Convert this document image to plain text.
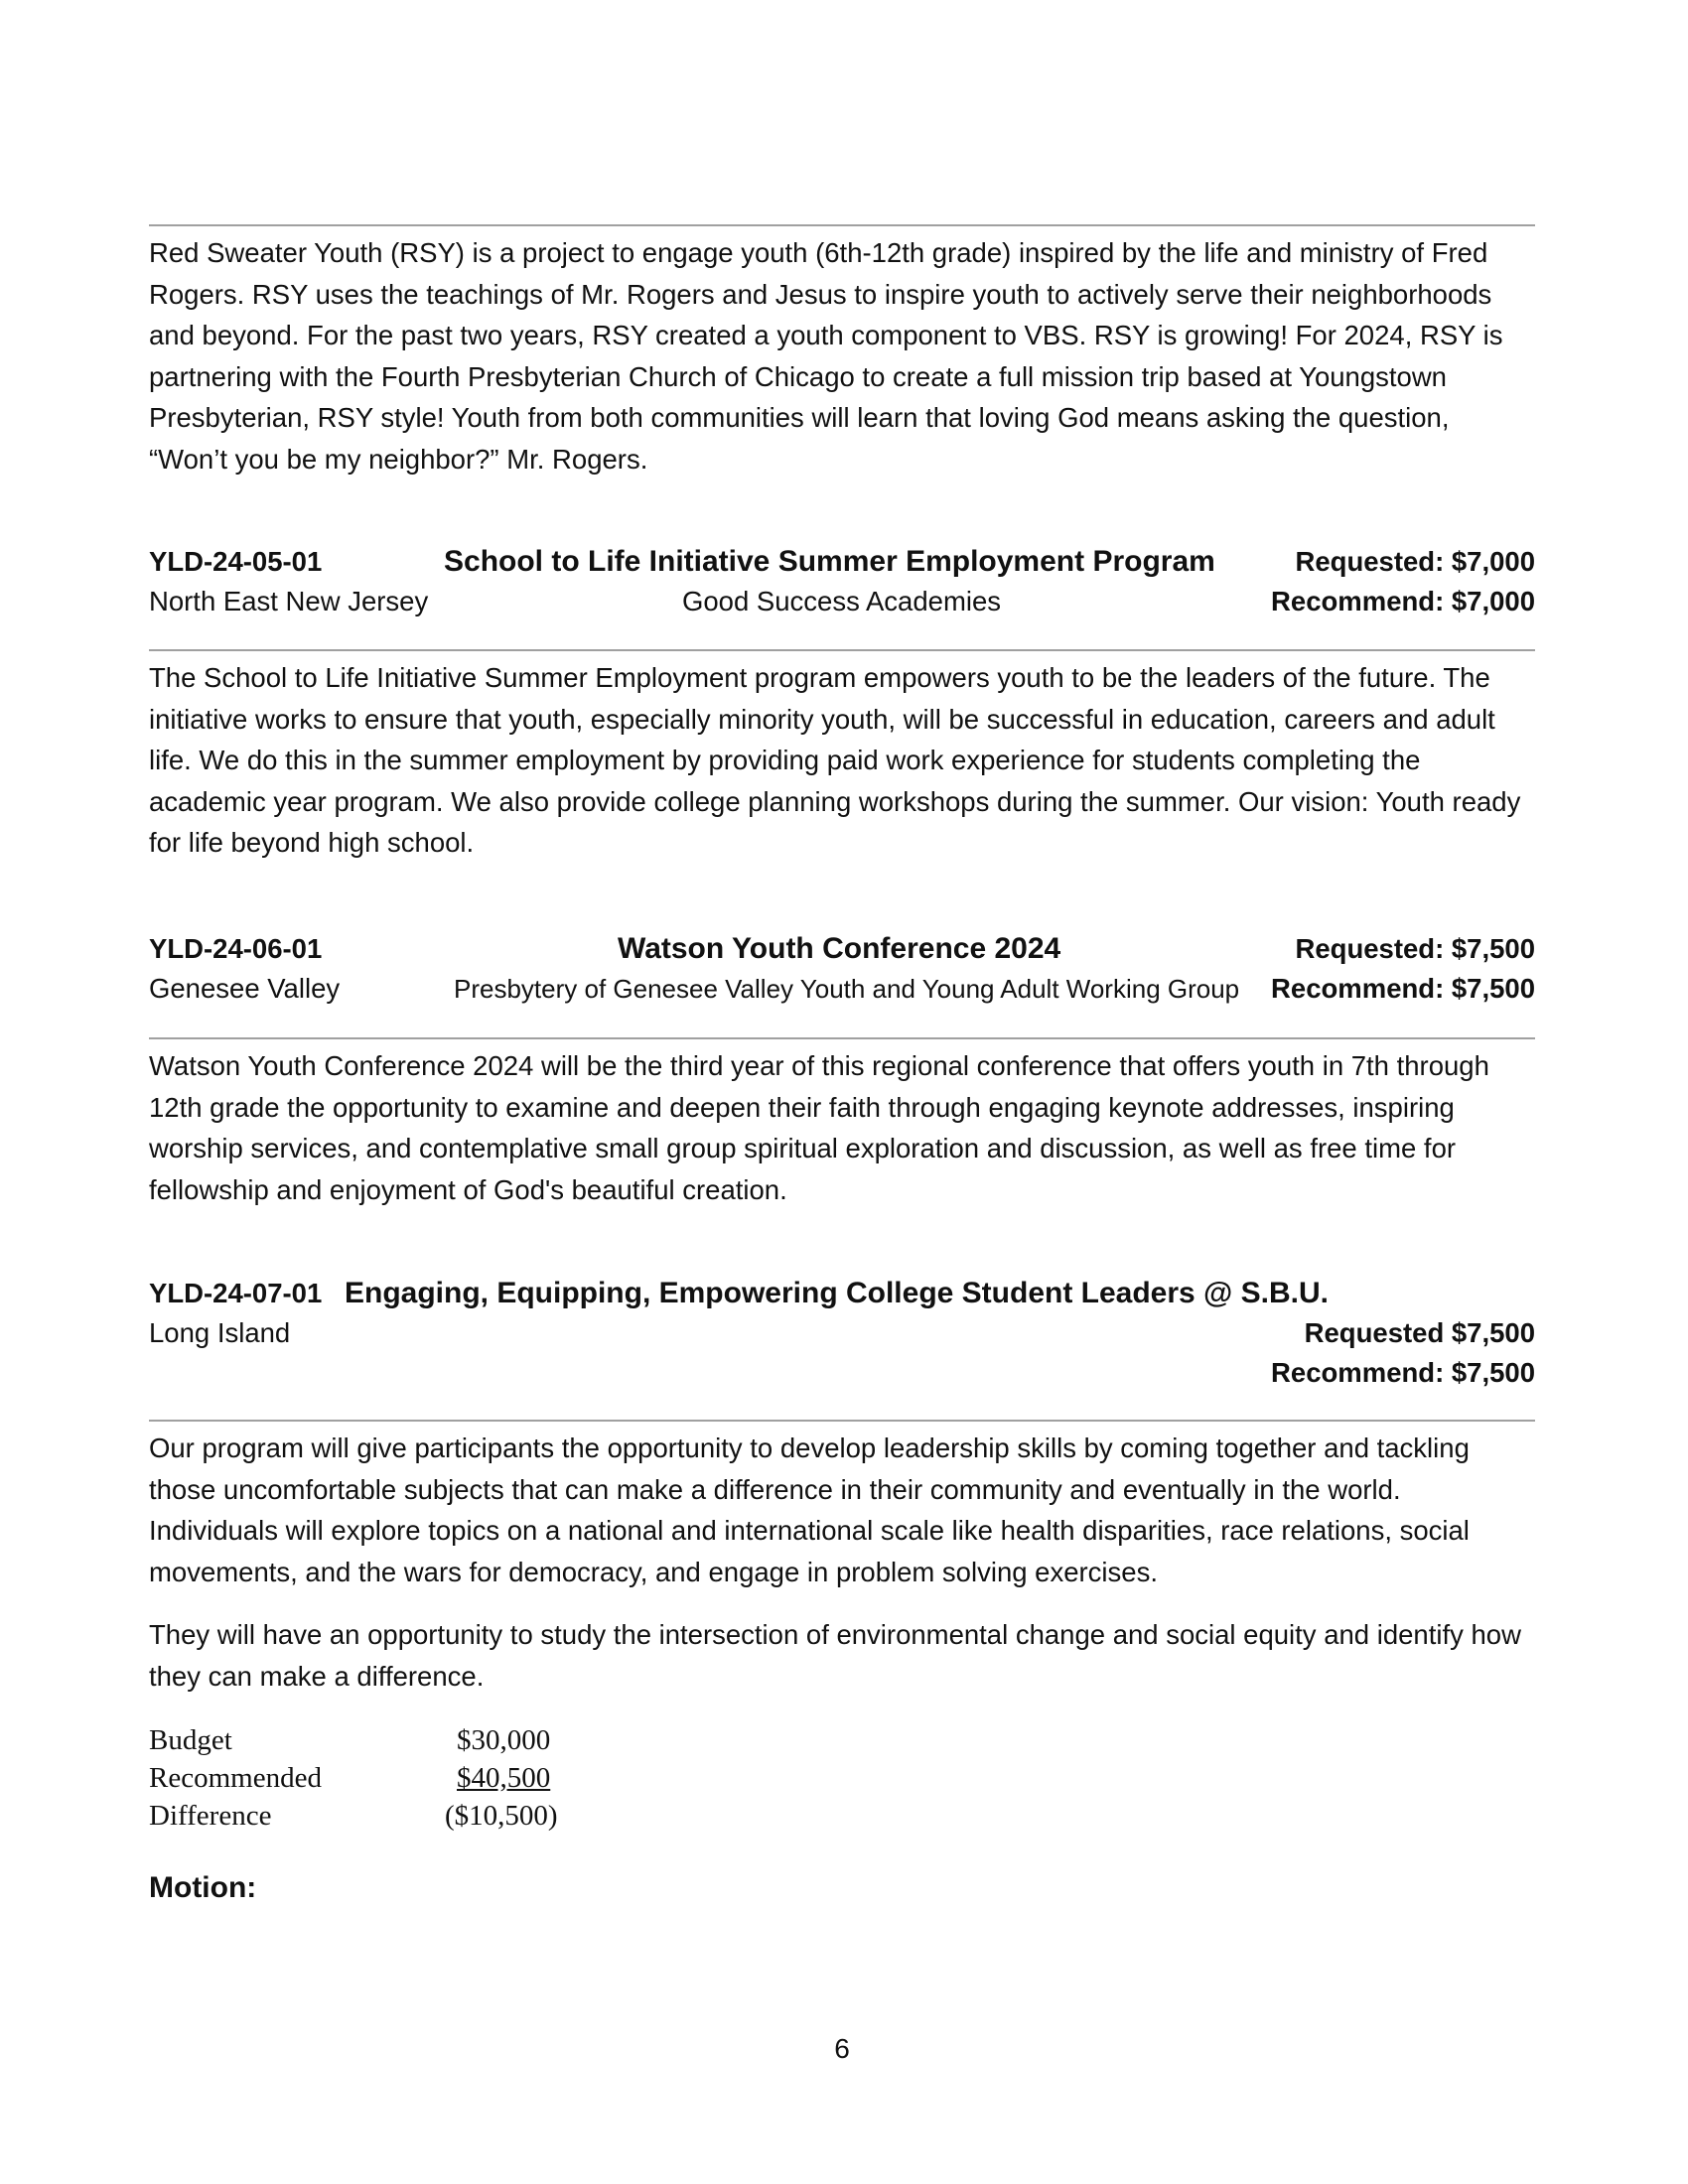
Red Sweater Youth (RSY) is a project to engage youth (6th-12th grade) inspired by the life and ministry of Fred Rogers. RSY uses the teachings of Mr. Rogers and Jesus to inspire youth to actively serve their neighborhoods and beyond. For the past two years, RSY created a youth component to VBS. RSY is growing! For 2024, RSY is partnering with the Fourth Presbyterian Church of Chicago to create a full mission trip based at Youngstown Presbyterian, RSY style! Youth from both communities will learn that loving God means asking the question, “Won’t you be my neighbor?” Mr. Rogers.

YLD-24-05-01	School to Life Initiative Summer Employment Program	Requested: $7,000
North East New Jersey	Good Success Academies	Recommend: $7,000

The School to Life Initiative Summer Employment program empowers youth to be the leaders of the future. The initiative works to ensure that youth, especially minority youth, will be successful in education, careers and adult life. We do this in the summer employment by providing paid work experience for students completing the academic year program. We also provide college planning workshops during the summer. Our vision: Youth ready for life beyond high school.

YLD-24-06-01	Watson Youth Conference 2024	Requested: $7,500
Genesee Valley	Presbytery of Genesee Valley Youth and Young Adult Working Group Recommend: $7,500

Watson Youth Conference 2024 will be the third year of this regional conference that offers youth in 7th through 12th grade the opportunity to examine and deepen their faith through engaging keynote addresses, inspiring worship services, and contemplative small group spiritual exploration and discussion, as well as free time for fellowship and enjoyment of God's beautiful creation.

YLD-24-07-01 Engaging, Equipping, Empowering College Student Leaders @ S.B.U.
Long Island	Requested $7,500
Recommend: $7,500

Our program will give participants the opportunity to develop leadership skills by coming together and tackling those uncomfortable subjects that can make a difference in their community and eventually in the world. Individuals will explore topics on a national and international scale like health disparities, race relations, social movements, and the wars for democracy, and engage in problem solving exercises.

They will have an opportunity to study the intersection of environmental change and social equity and identify how they can make a difference.

Budget	$30,000
Recommended	$40,500
Difference	($10,500)
Motion:
6
